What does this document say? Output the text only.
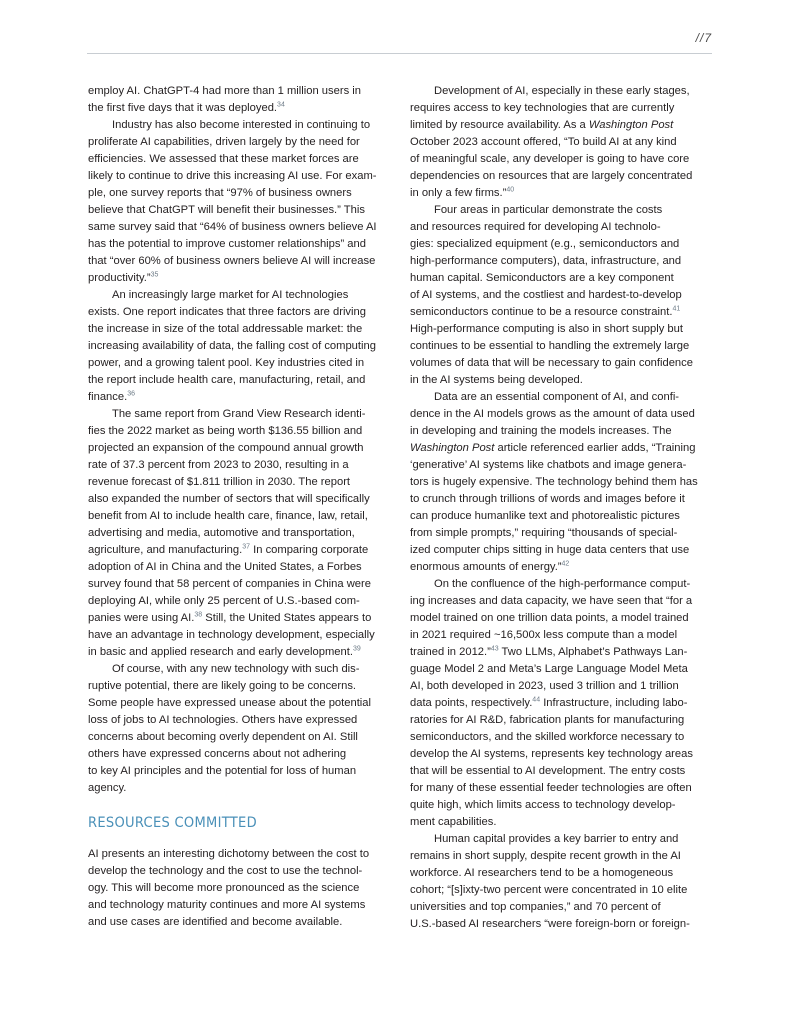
//7
employ AI. ChatGPT-4 had more than 1 million users in
the first five days that it was deployed.$^{34}$
Industry has also become interested in continuing to
proliferate AI capabilities, driven largely by the need for
efficiencies. We assessed that these market forces are
likely to continue to drive this increasing AI use. For exam-
ple, one survey reports that “97% of business owners
believe that ChatGPT will benefit their businesses.” This
same survey said that “64% of business owners believe AI
has the potential to improve customer relationships” and
that “over 60% of business owners believe AI will increase
productivity.”$^{35}$
An increasingly large market for AI technologies
exists. One report indicates that three factors are driving
the increase in size of the total addressable market: the
increasing availability of data, the falling cost of computing
power, and a growing talent pool. Key industries cited in
the report include health care, manufacturing, retail, and
finance.$^{36}$
The same report from Grand View Research identi-
fies the 2022 market as being worth $136.55 billion and
projected an expansion of the compound annual growth
rate of 37.3 percent from 2023 to 2030, resulting in a
revenue forecast of $1.811 trillion in 2030. The report
also expanded the number of sectors that will specifically
benefit from AI to include health care, finance, law, retail,
advertising and media, automotive and transportation,
agriculture, and manufacturing.$^{37}$ In comparing corporate
adoption of AI in China and the United States, a Forbes
survey found that 58 percent of companies in China were
deploying AI, while only 25 percent of U.S.-based com-
panies were using AI.$^{38}$ Still, the United States appears to
have an advantage in technology development, especially
in basic and applied research and early development.$^{39}$
Of course, with any new technology with such dis-
ruptive potential, there are likely going to be concerns.
Some people have expressed unease about the potential
loss of jobs to AI technologies. Others have expressed
concerns about becoming overly dependent on AI. Still
others have expressed concerns about not adhering
to key AI principles and the potential for loss of human
agency.
RESOURCES COMMITTED
AI presents an interesting dichotomy between the cost to
develop the technology and the cost to use the technol-
ogy. This will become more pronounced as the science
and technology maturity continues and more AI systems
and use cases are identified and become available.
Development of AI, especially in these early stages,
requires access to key technologies that are currently
limited by resource availability. As a Washington Post
October 2023 account offered, “To build AI at any kind
of meaningful scale, any developer is going to have core
dependencies on resources that are largely concentrated
in only a few firms.”$^{40}$
Four areas in particular demonstrate the costs
and resources required for developing AI technolo-
gies: specialized equipment (e.g., semiconductors and
high-performance computers), data, infrastructure, and
human capital. Semiconductors are a key component
of AI systems, and the costliest and hardest-to-develop
semiconductors continue to be a resource constraint.$^{41}$
High-performance computing is also in short supply but
continues to be essential to handling the extremely large
volumes of data that will be necessary to gain confidence
in the AI systems being developed.
Data are an essential component of AI, and confi-
dence in the AI models grows as the amount of data used
in developing and training the models increases. The
Washington Post article referenced earlier adds, “Training
‘generative’ AI systems like chatbots and image genera-
tors is hugely expensive. The technology behind them has
to crunch through trillions of words and images before it
can produce humanlike text and photorealistic pictures
from simple prompts,” requiring “thousands of special-
ized computer chips sitting in huge data centers that use
enormous amounts of energy.”$^{42}$
On the confluence of the high-performance comput-
ing increases and data capacity, we have seen that “for a
model trained on one trillion data points, a model trained
in 2021 required ~16,500x less compute than a model
trained in 2012.”$^{43}$ Two LLMs, Alphabet’s Pathways Lan-
guage Model 2 and Meta’s Large Language Model Meta
AI, both developed in 2023, used 3 trillion and 1 trillion
data points, respectively.$^{44}$ Infrastructure, including labo-
ratories for AI R&D, fabrication plants for manufacturing
semiconductors, and the skilled workforce necessary to
develop the AI systems, represents key technology areas
that will be essential to AI development. The entry costs
for many of these essential feeder technologies are often
quite high, which limits access to technology develop-
ment capabilities.
Human capital provides a key barrier to entry and
remains in short supply, despite recent growth in the AI
workforce. AI researchers tend to be a homogeneous
cohort; “[s]ixty-two percent were concentrated in 10 elite
universities and top companies,” and 70 percent of
U.S.-based AI researchers “were foreign-born or foreign-
